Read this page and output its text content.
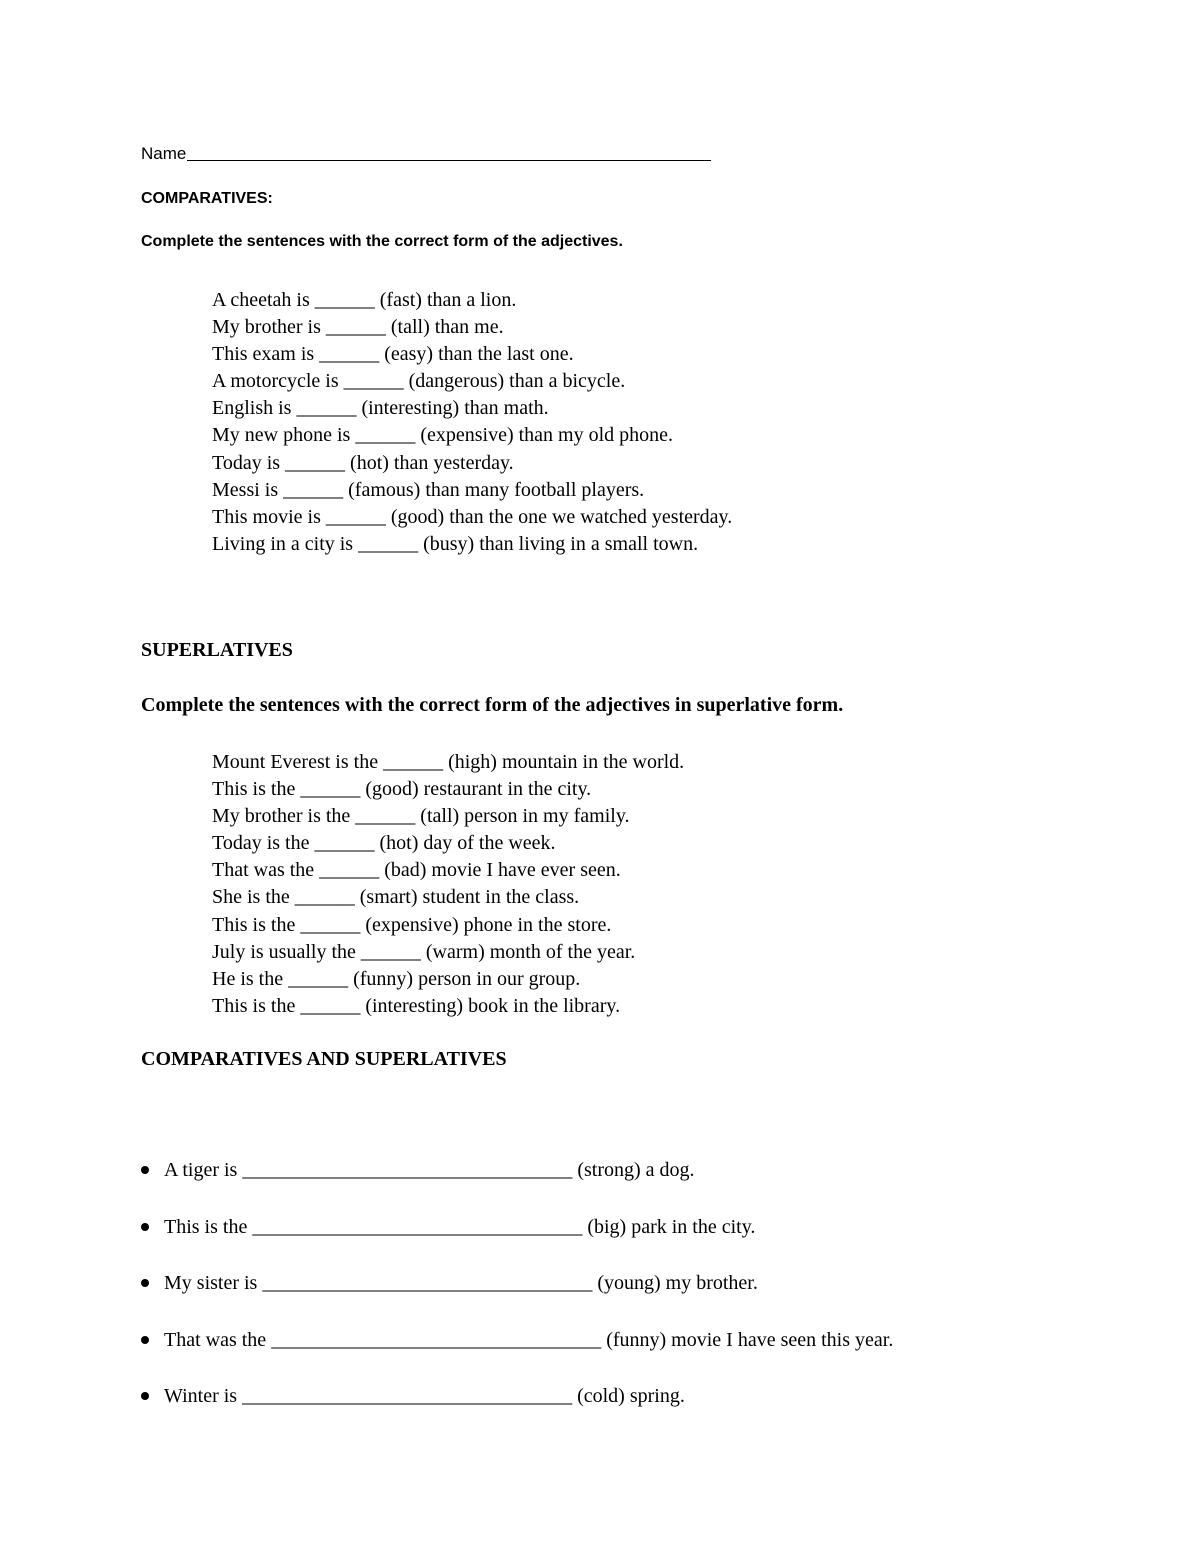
Name
COMPARATIVES:
Complete the sentences with the correct form of the adjectives.
A cheetah is ______ (fast) than a lion.
My brother is ______ (tall) than me.
This exam is ______ (easy) than the last one.
A motorcycle is ______ (dangerous) than a bicycle.
English is ______ (interesting) than math.
My new phone is ______ (expensive) than my old phone.
Today is ______ (hot) than yesterday.
Messi is ______ (famous) than many football players.
This movie is ______ (good) than the one we watched yesterday.
Living in a city is ______ (busy) than living in a small town.
SUPERLATIVES
Complete the sentences with the correct form of the adjectives in superlative form.
Mount Everest is the ______ (high) mountain in the world.
This is the ______ (good) restaurant in the city.
My brother is the ______ (tall) person in my family.
Today is the ______ (hot) day of the week.
That was the ______ (bad) movie I have ever seen.
She is the ______ (smart) student in the class.
This is the ______ (expensive) phone in the store.
July is usually the ______ (warm) month of the year.
He is the ______ (funny) person in our group.
This is the ______ (interesting) book in the library.
COMPARATIVES AND SUPERLATIVES
A tiger is _________________________________ (strong) a dog.
This is the _________________________________ (big) park in the city.
My sister is _________________________________ (young) my brother.
That was the _________________________________ (funny) movie I have seen this year.
Winter is _________________________________ (cold) spring.
